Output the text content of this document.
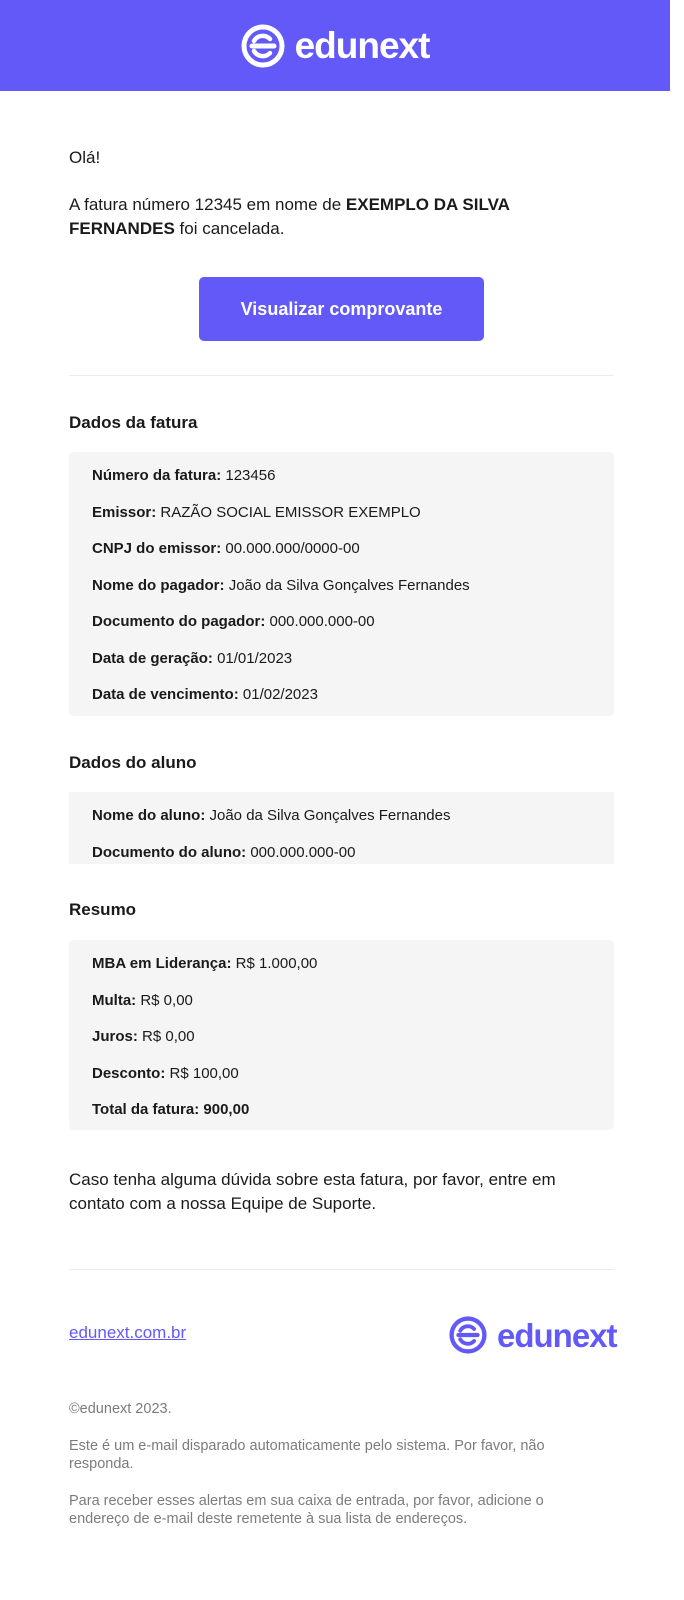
edunext

Olá!

A fatura número 12345 em nome de EXEMPLO DA SILVA FERNANDES foi cancelada.

Visualizar comprovante
Dados da fatura
Número da fatura: 123456
Emissor: RAZÃO SOCIAL EMISSOR EXEMPLO
CNPJ do emissor: 00.000.000/0000-00
Nome do pagador: João da Silva Gonçalves Fernandes
Documento do pagador: 000.000.000-00
Data de geração: 01/01/2023
Data de vencimento: 01/02/2023
Dados do aluno
Nome do aluno: João da Silva Gonçalves Fernandes
Documento do aluno: 000.000.000-00
Resumo
MBA em Liderança: R$ 1.000,00
Multa: R$ 0,00
Juros: R$ 0,00
Desconto: R$ 100,00
Total da fatura: 900,00

Caso tenha alguma dúvida sobre esta fatura, por favor, entre em contato com a nossa Equipe de Suporte.

edunext.com.br	edunext

©edunext 2023.

Este é um e-mail disparado automaticamente pelo sistema. Por favor, não responda.

Para receber esses alertas em sua caixa de entrada, por favor, adicione o endereço de e-mail deste remetente à sua lista de endereços.
